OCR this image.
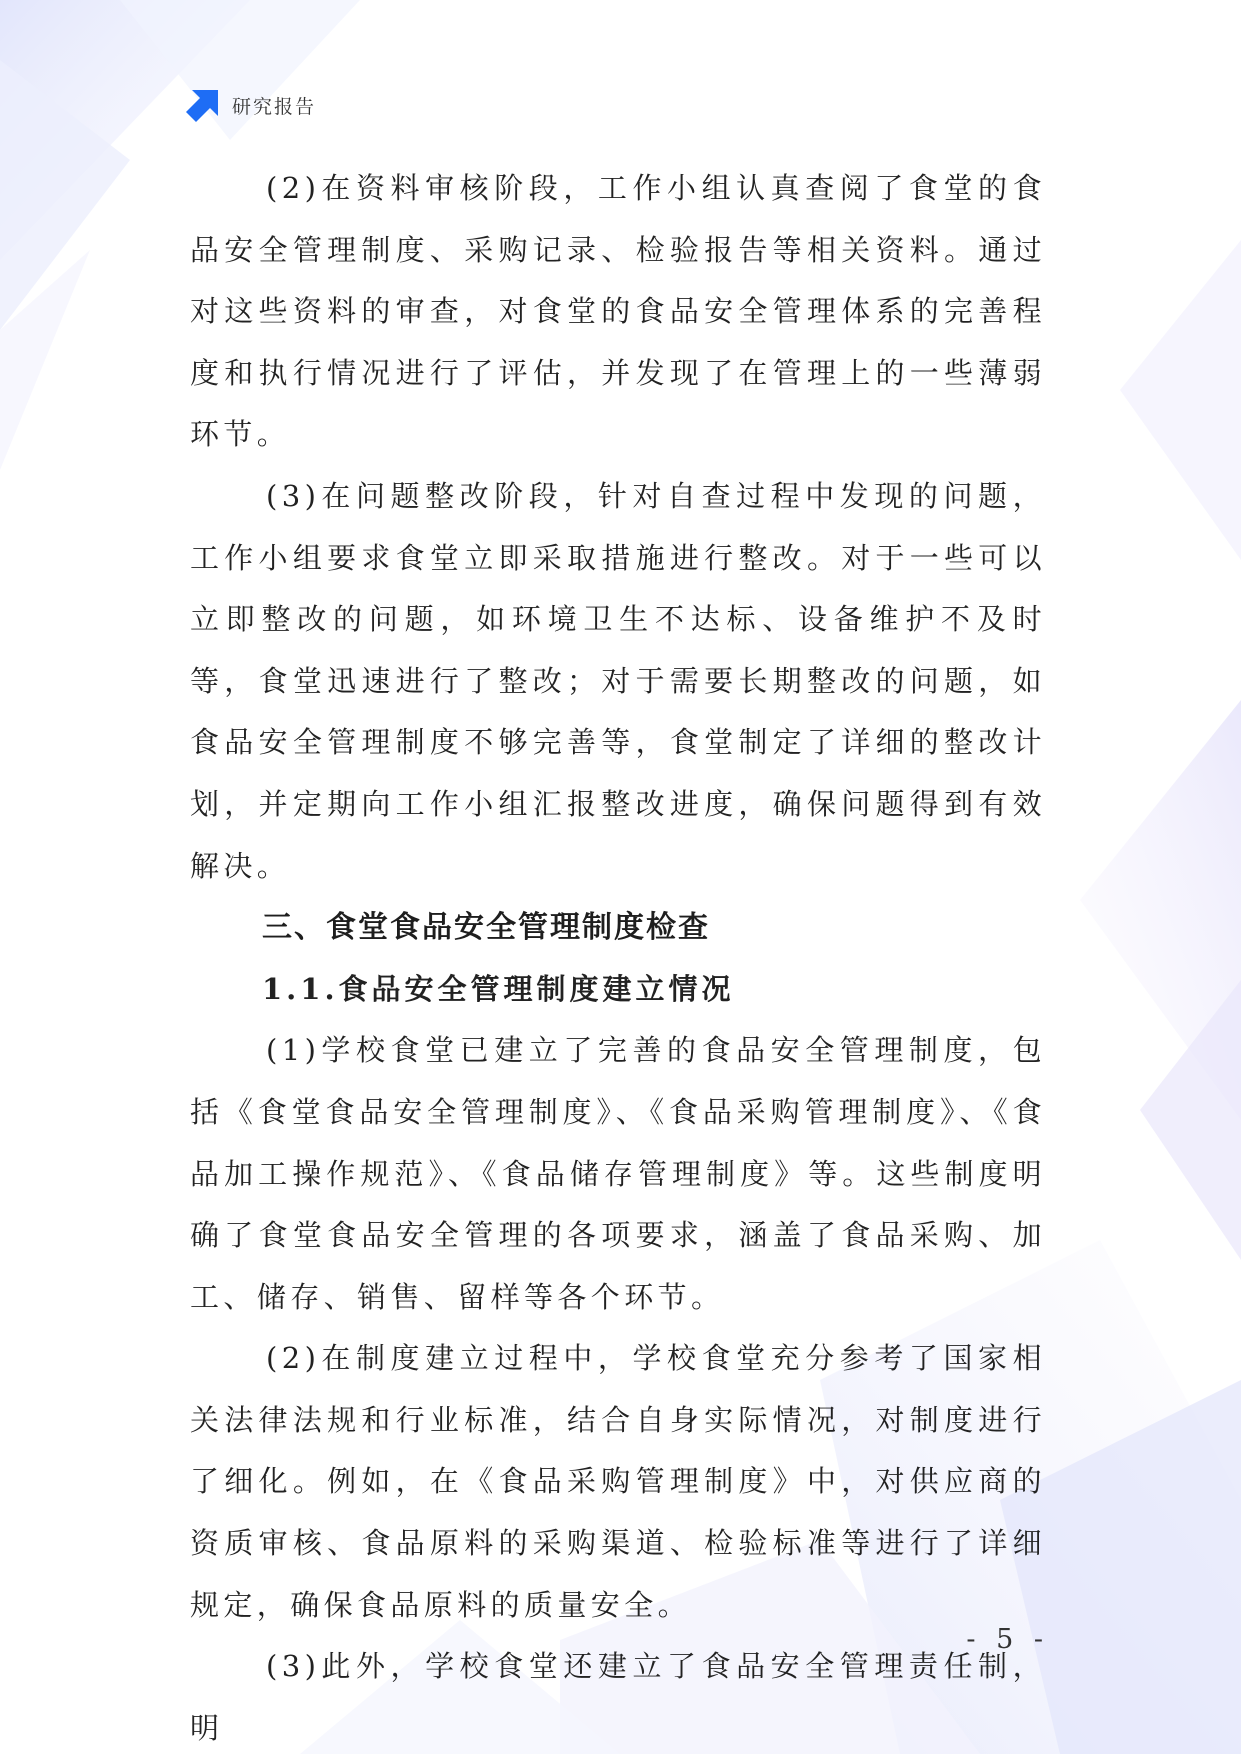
研究报告

(2)在资料审核阶段，工作小组认真查阅了食堂的食品安全管理制度、采购记录、检验报告等相关资料。通过对这些资料的审查，对食堂的食品安全管理体系的完善程度和执行情况进行了评估，并发现了在管理上的一些薄弱环节。

(3)在问题整改阶段，针对自查过程中发现的问题，工作小组要求食堂立即采取措施进行整改。对于一些可以立即整改的问题，如环境卫生不达标、设备维护不及时等，食堂迅速进行了整改；对于需要长期整改的问题，如食品安全管理制度不够完善等，食堂制定了详细的整改计划，并定期向工作小组汇报整改进度，确保问题得到有效解决。

三、食堂食品安全管理制度检查
1.1.食品安全管理制度建立情况

(1)学校食堂已建立了完善的食品安全管理制度，包括《食堂食品安全管理制度》、《食品采购管理制度》、《食品加工操作规范》、《食品储存管理制度》等。这些制度明确了食堂食品安全管理的各项要求，涵盖了食品采购、加工、储存、销售、留样等各个环节。

(2)在制度建立过程中，学校食堂充分参考了国家相关法律法规和行业标准，结合自身实际情况，对制度进行了细化。例如，在《食品采购管理制度》中，对供应商的资质审核、食品原料的采购渠道、检验标准等进行了详细规定，确保食品原料的质量安全。

(3)此外，学校食堂还建立了食品安全管理责任制，明

- 5 -
